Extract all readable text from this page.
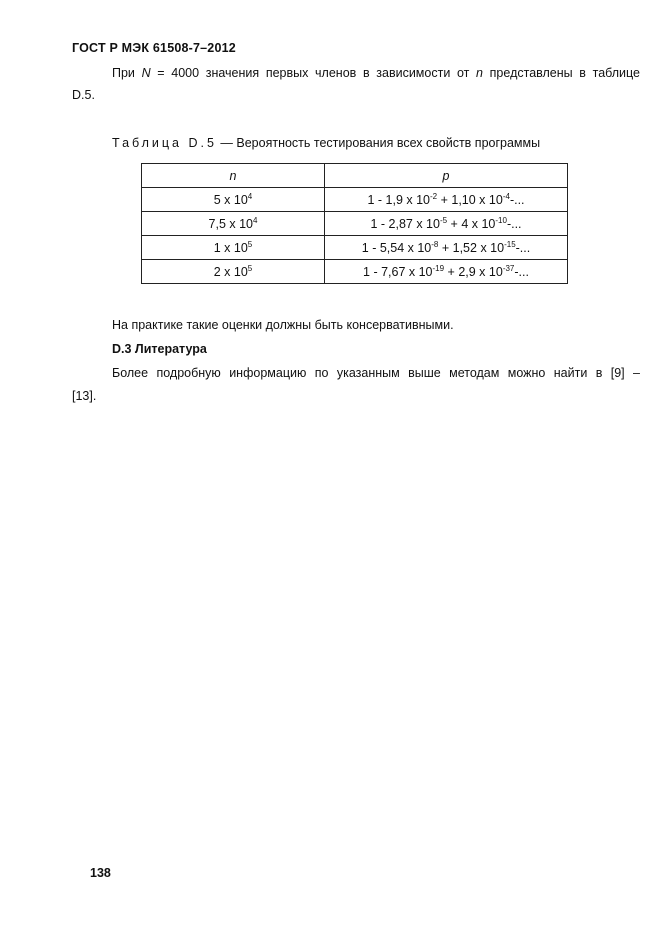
ГОСТ Р МЭК 61508-7–2012
При N = 4000 значения первых членов в зависимости от n представлены в таблице
D.5.
Таблица D.5 — Вероятность тестирования всех свойств программы
n	p
5 x $10^4$	1 - 1,9 x $10^{-2} + 1,10$ x $10^{-4}-$...
7,5 x $10^4$	1 - 2,87 x $10^{-5} + 4$ x $10^{-10}-$...
1 x $10^5$	1 - 5,54 x $10^{-8} + 1,52$ x $10^{-15}-$...
2 x $10^5$	1 - 7,67 x $10^{-19} + 2,9$ x $10^{-37}-$...
На практике такие оценки должны быть консервативными.
D.3 Литература
Более подробную информацию по указанным выше методам можно найти в [9] –
[13].
138
